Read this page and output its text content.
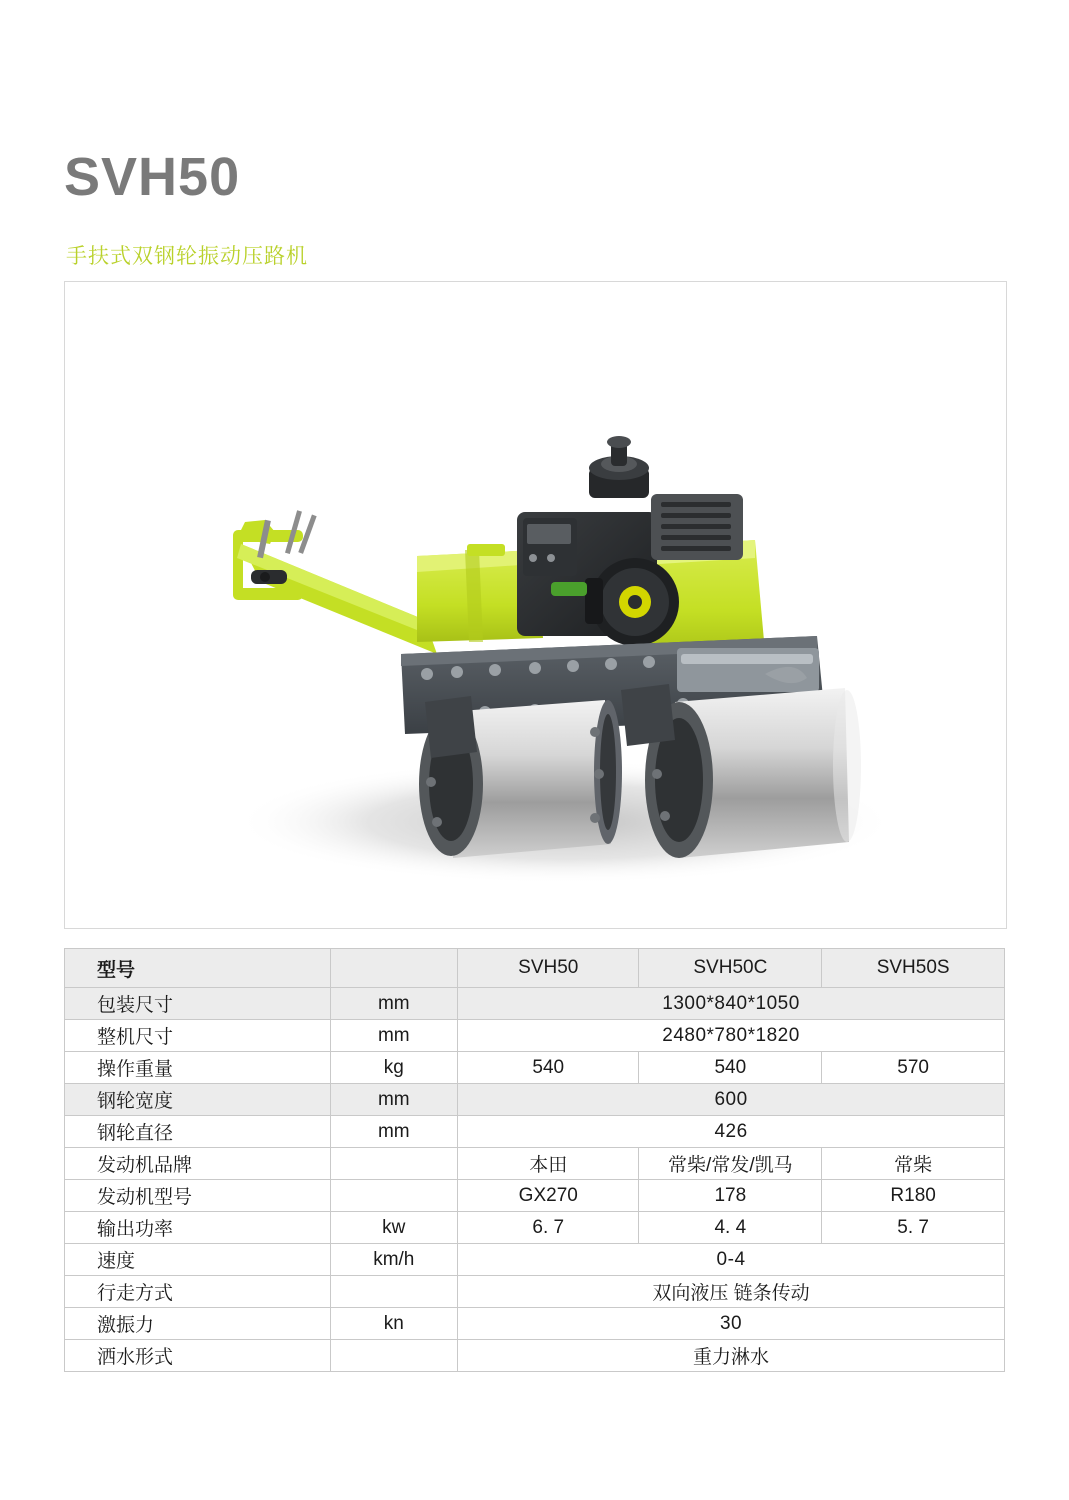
SVH50
手扶式双钢轮振动压路机
型号		SVH50	SVH50C	SVH50S
包装尺寸	mm	1300*840*1050		
整机尺寸	mm	2480*780*1820		
操作重量	kg	540	540	570
钢轮宽度	mm	600		
钢轮直径	mm	426		
发动机品牌		本田	常柴/常发/凯马	常柴
发动机型号		GX270	178	R180
输出功率	kw	6. 7	4. 4	5. 7
速度	km/h	0-4		
行走方式		双向液压 链条传动		
激振力	kn	30		
洒水形式		重力淋水		
